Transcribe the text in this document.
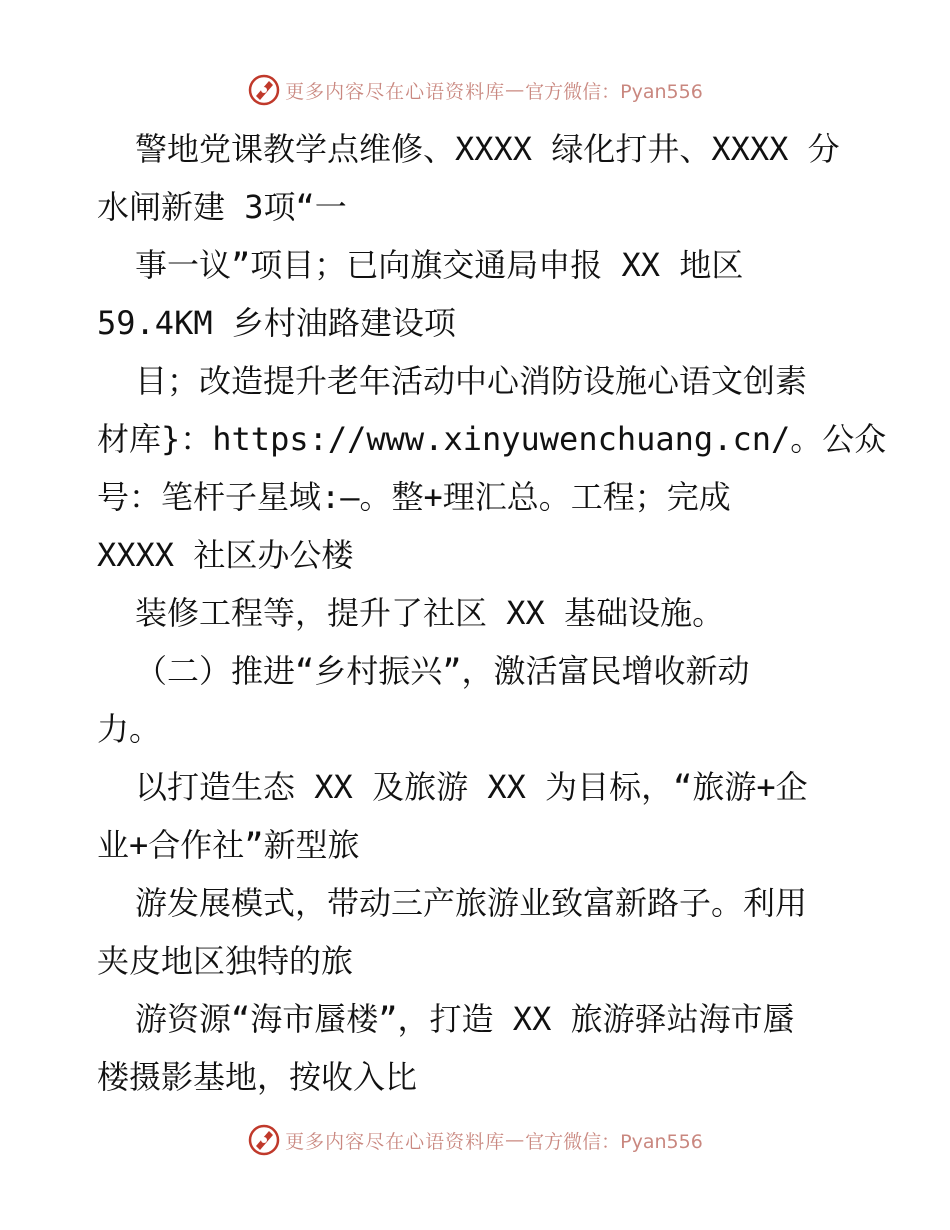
更多内容尽在心语资料库 — 官方微信：Pyan556
警地党课教学点维修、XXXX 绿化打井、XXXX 分
水闸新建 3项“一
事一议”项目；已向旗交通局申报 XX 地区
59.4KM 乡村油路建设项
目；改造提升老年活动中心消防设施心语文创素
材库}：https://www.xinyuwenchuang.cn/。公众
号：笔杆子星域:—。整+理汇总。工程；完成
XXXX 社区办公楼
装修工程等，提升了社区 XX 基础设施。
（二）推进“乡村振兴”，激活富民增收新动
力。
以打造生态 XX 及旅游 XX 为目标，“旅游+企
业+合作社”新型旅
游发展模式，带动三产旅游业致富新路子。利用
夹皮地区独特的旅
游资源“海市蜃楼”，打造 XX 旅游驿站海市蜃
楼摄影基地，按收入比
更多内容尽在心语资料库 — 官方微信：Pyan556
